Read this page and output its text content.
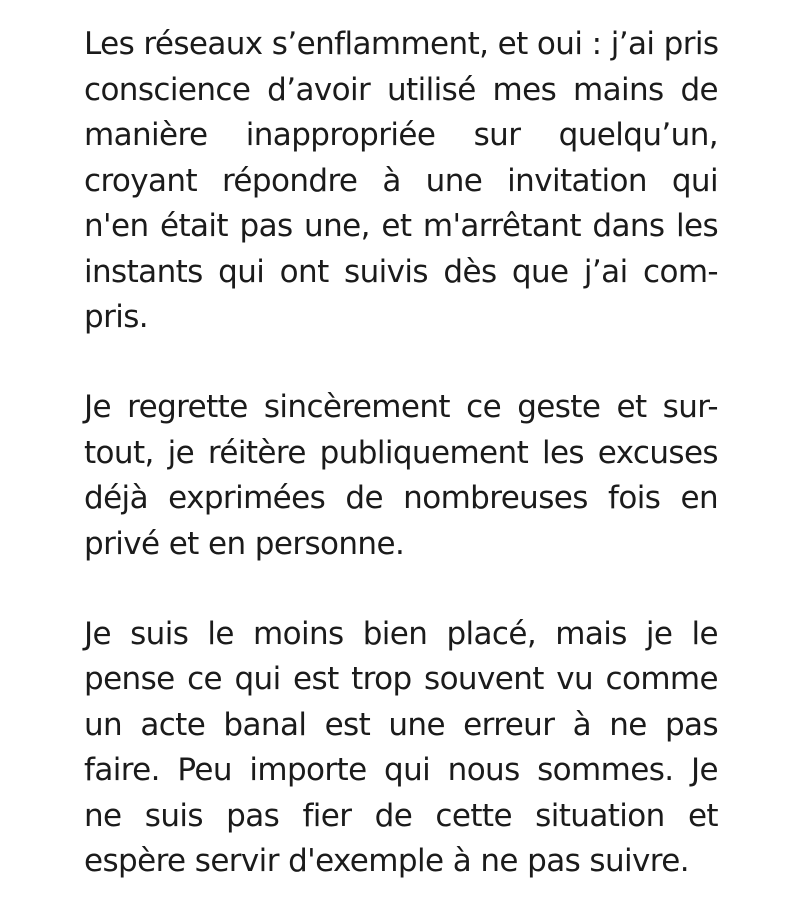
Les réseaux s’enflamment, et oui : j’ai pris
conscience d’avoir utilisé mes mains de
manière inappropriée sur quelqu’un,
croyant répondre à une invitation qui
n'en était pas une, et m'arrêtant dans les
instants qui ont suivis dès que j’ai com-
pris.

Je regrette sincèrement ce geste et sur-
tout, je réitère publiquement les excuses
déjà exprimées de nombreuses fois en
privé et en personne.

Je suis le moins bien placé, mais je le
pense ce qui est trop souvent vu comme
un acte banal est une erreur à ne pas
faire. Peu importe qui nous sommes. Je
ne suis pas fier de cette situation et
espère servir d'exemple à ne pas suivre.
